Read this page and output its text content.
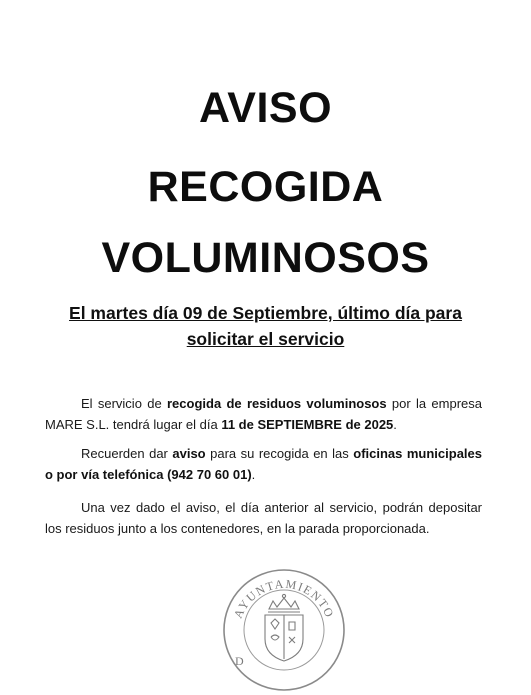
AVISO
RECOGIDA
VOLUMINOSOS
El martes día 09 de Septiembre, último día para
solicitar el servicio
El servicio de recogida de residuos voluminosos por la empresa MARE S.L. tendrá lugar el día 11 de SEPTIEMBRE de 2025.
Recuerden dar aviso para su recogida en las oficinas municipales o por vía telefónica (942 70 60 01).
Una vez dado el aviso, el día anterior al servicio, podrán depositar los residuos junto a los contenedores, en la parada proporcionada.
AYUNTAMIENTO
D
